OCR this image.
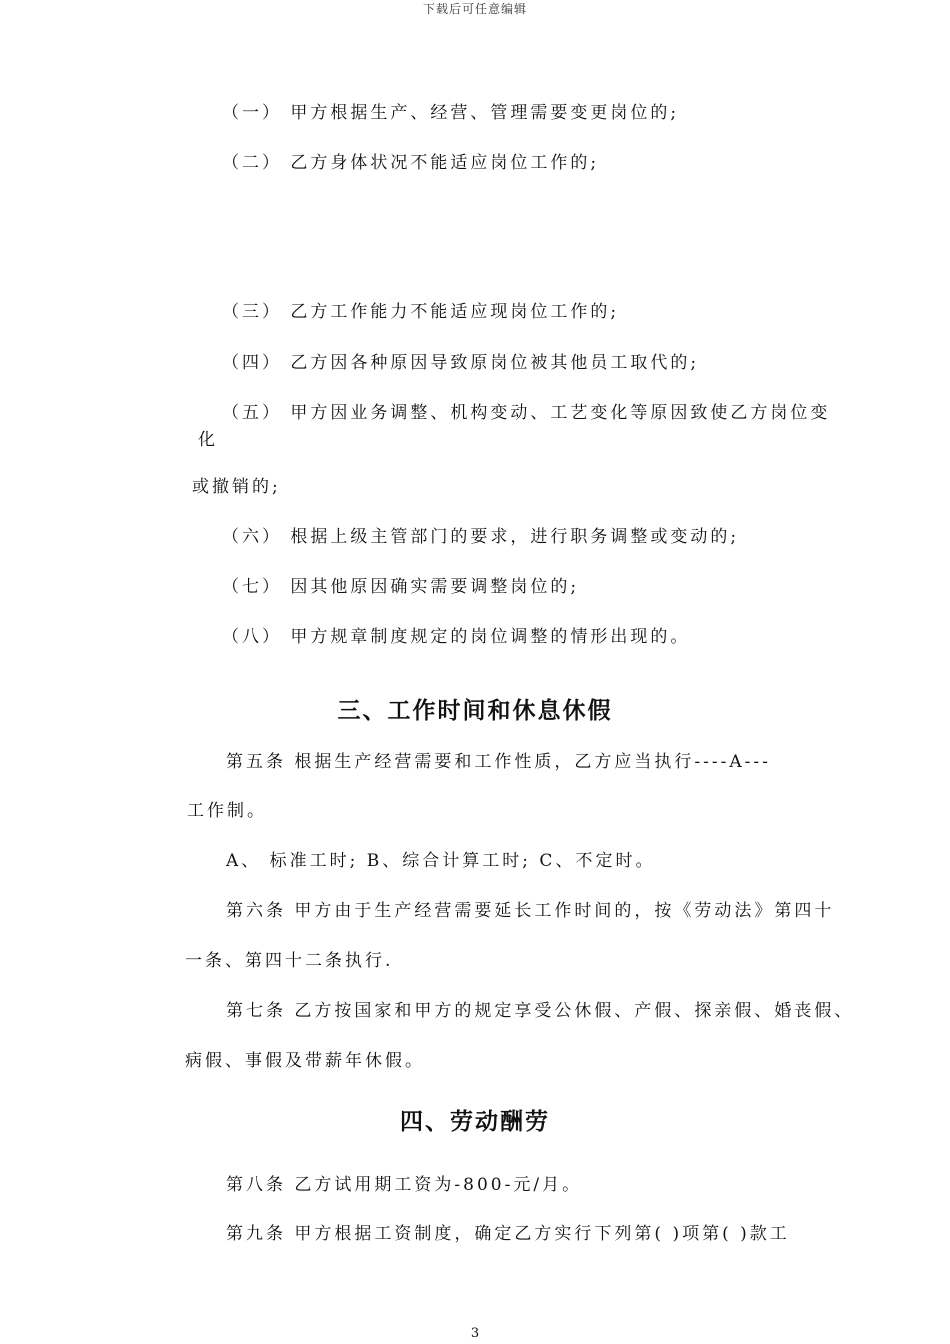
下载后可任意编辑
（一） 甲方根据生产、经营、管理需要变更岗位的;
（二） 乙方身体状况不能适应岗位工作的;
（三） 乙方工作能力不能适应现岗位工作的;
（四） 乙方因各种原因导致原岗位被其他员工取代的;
（五） 甲方因业务调整、机构变动、工艺变化等原因致使乙方岗位变
化
或撤销的;
（六） 根据上级主管部门的要求，进行职务调整或变动的;
（七） 因其他原因确实需要调整岗位的;
（八） 甲方规章制度规定的岗位调整的情形出现的。
三、工作时间和休息休假
第五条 根据生产经营需要和工作性质，乙方应当执行----A---
工作制。
A、 标准工时; B、综合计算工时; C、不定时。
第六条 甲方由于生产经营需要延长工作时间的，按《劳动法》第四十
一条、第四十二条执行.
第七条 乙方按国家和甲方的规定享受公休假、产假、探亲假、婚丧假、
病假、事假及带薪年休假。
四、劳动酬劳
第八条 乙方试用期工资为-800-元/月。
第九条 甲方根据工资制度，确定乙方实行下列第( )项第( )款工
3
